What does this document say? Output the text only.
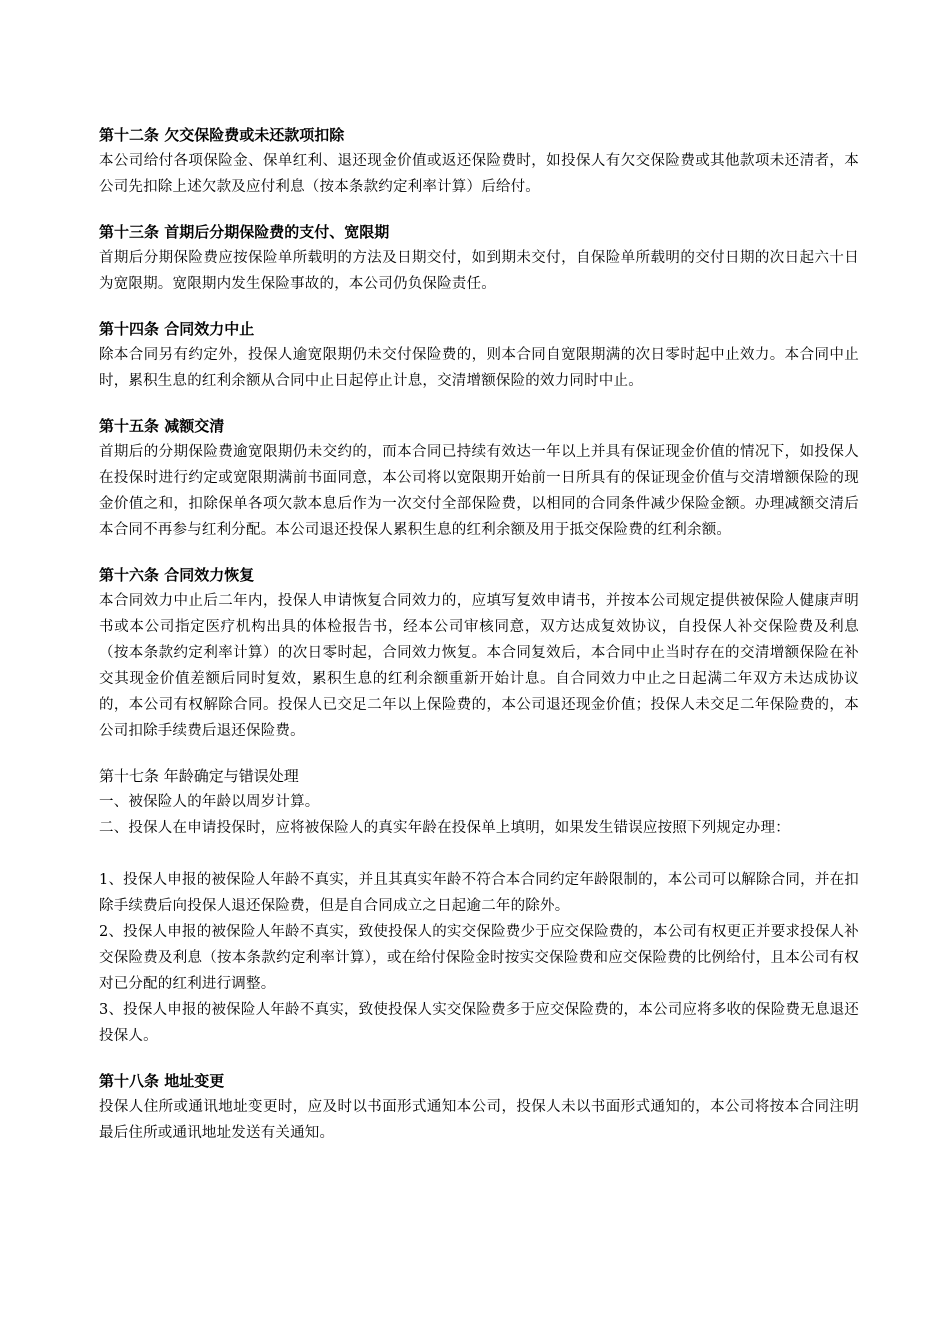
第十二条 欠交保险费或未还款项扣除

本公司给付各项保险金、保单红利、退还现金价值或返还保险费时，如投保人有欠交保险费或其他款项未还清者，本公司先扣除上述欠款及应付利息（按本条款约定利率计算）后给付。

第十三条 首期后分期保险费的支付、宽限期

首期后分期保险费应按保险单所载明的方法及日期交付，如到期未交付，自保险单所载明的交付日期的次日起六十日为宽限期。宽限期内发生保险事故的，本公司仍负保险责任。

第十四条 合同效力中止

除本合同另有约定外，投保人逾宽限期仍未交付保险费的，则本合同自宽限期满的次日零时起中止效力。本合同中止时，累积生息的红利余额从合同中止日起停止计息，交清增额保险的效力同时中止。

第十五条 减额交清

首期后的分期保险费逾宽限期仍未交约的，而本合同已持续有效达一年以上并具有保证现金价值的情况下，如投保人在投保时进行约定或宽限期满前书面同意，本公司将以宽限期开始前一日所具有的保证现金价值与交清增额保险的现金价值之和，扣除保单各项欠款本息后作为一次交付全部保险费，以相同的合同条件减少保险金额。办理减额交清后本合同不再参与红利分配。本公司退还投保人累积生息的红利余额及用于抵交保险费的红利余额。

第十六条 合同效力恢复

本合同效力中止后二年内，投保人申请恢复合同效力的，应填写复效申请书，并按本公司规定提供被保险人健康声明书或本公司指定医疗机构出具的体检报告书，经本公司审核同意，双方达成复效协议，自投保人补交保险费及利息（按本条款约定利率计算）的次日零时起，合同效力恢复。本合同复效后，本合同中止当时存在的交清增额保险在补交其现金价值差额后同时复效，累积生息的红利余额重新开始计息。自合同效力中止之日起满二年双方未达成协议的，本公司有权解除合同。投保人已交足二年以上保险费的，本公司退还现金价值；投保人未交足二年保险费的，本公司扣除手续费后退还保险费。

第十七条 年龄确定与错误处理

一、被保险人的年龄以周岁计算。

二、投保人在申请投保时，应将被保险人的真实年龄在投保单上填明，如果发生错误应按照下列规定办理：

1、投保人申报的被保险人年龄不真实，并且其真实年龄不符合本合同约定年龄限制的，本公司可以解除合同，并在扣除手续费后向投保人退还保险费，但是自合同成立之日起逾二年的除外。

2、投保人申报的被保险人年龄不真实，致使投保人的实交保险费少于应交保险费的，本公司有权更正并要求投保人补交保险费及利息（按本条款约定利率计算），或在给付保险金时按实交保险费和应交保险费的比例给付，且本公司有权对已分配的红利进行调整。

3、投保人申报的被保险人年龄不真实，致使投保人实交保险费多于应交保险费的，本公司应将多收的保险费无息退还投保人。

第十八条 地址变更

投保人住所或通讯地址变更时，应及时以书面形式通知本公司，投保人未以书面形式通知的，本公司将按本合同注明最后住所或通讯地址发送有关通知。
